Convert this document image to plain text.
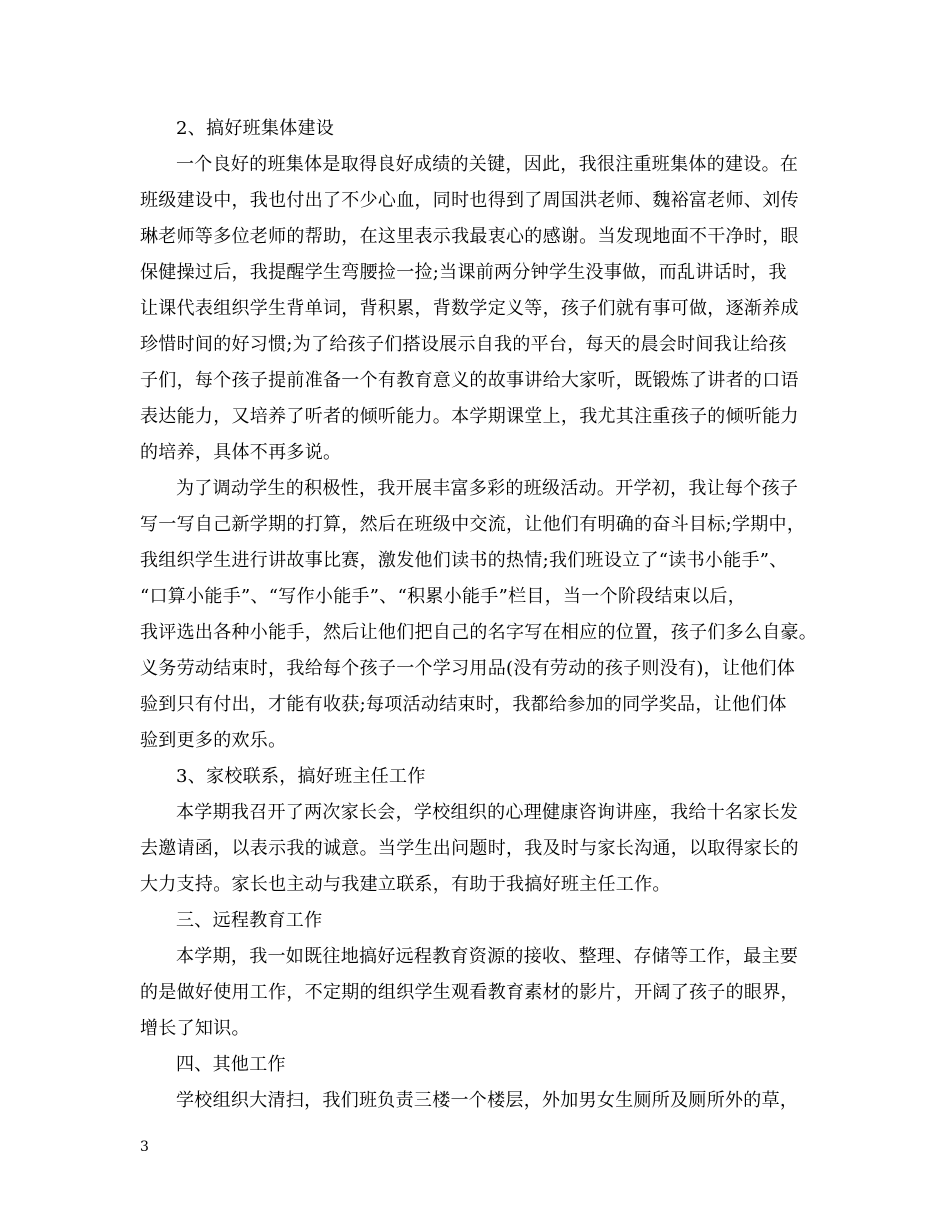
2、搞好班集体建设
一个良好的班集体是取得良好成绩的关键，因此，我很注重班集体的建设。在
班级建设中，我也付出了不少心血，同时也得到了周国洪老师、魏裕富老师、刘传
琳老师等多位老师的帮助，在这里表示我最衷心的感谢。当发现地面不干净时，眼
保健操过后，我提醒学生弯腰捡一捡;当课前两分钟学生没事做，而乱讲话时，我
让课代表组织学生背单词，背积累，背数学定义等，孩子们就有事可做，逐渐养成
珍惜时间的好习惯;为了给孩子们搭设展示自我的平台，每天的晨会时间我让给孩
子们，每个孩子提前准备一个有教育意义的故事讲给大家听，既锻炼了讲者的口语
表达能力，又培养了听者的倾听能力。本学期课堂上，我尤其注重孩子的倾听能力
的培养，具体不再多说。
为了调动学生的积极性，我开展丰富多彩的班级活动。开学初，我让每个孩子
写一写自己新学期的打算，然后在班级中交流，让他们有明确的奋斗目标;学期中，
我组织学生进行讲故事比赛，激发他们读书的热情;我们班设立了“读书小能手”、
“口算小能手”、“写作小能手”、“积累小能手”栏目，当一个阶段结束以后，
我评选出各种小能手，然后让他们把自己的名字写在相应的位置，孩子们多么自豪。
义务劳动结束时，我给每个孩子一个学习用品(没有劳动的孩子则没有)，让他们体
验到只有付出，才能有收获;每项活动结束时，我都给参加的同学奖品，让他们体
验到更多的欢乐。
3、家校联系，搞好班主任工作
本学期我召开了两次家长会，学校组织的心理健康咨询讲座，我给十名家长发
去邀请函，以表示我的诚意。当学生出问题时，我及时与家长沟通，以取得家长的
大力支持。家长也主动与我建立联系，有助于我搞好班主任工作。
三、远程教育工作
本学期，我一如既往地搞好远程教育资源的接收、整理、存储等工作，最主要
的是做好使用工作，不定期的组织学生观看教育素材的影片，开阔了孩子的眼界，
增长了知识。
四、其他工作
学校组织大清扫，我们班负责三楼一个楼层，外加男女生厕所及厕所外的草，
3
